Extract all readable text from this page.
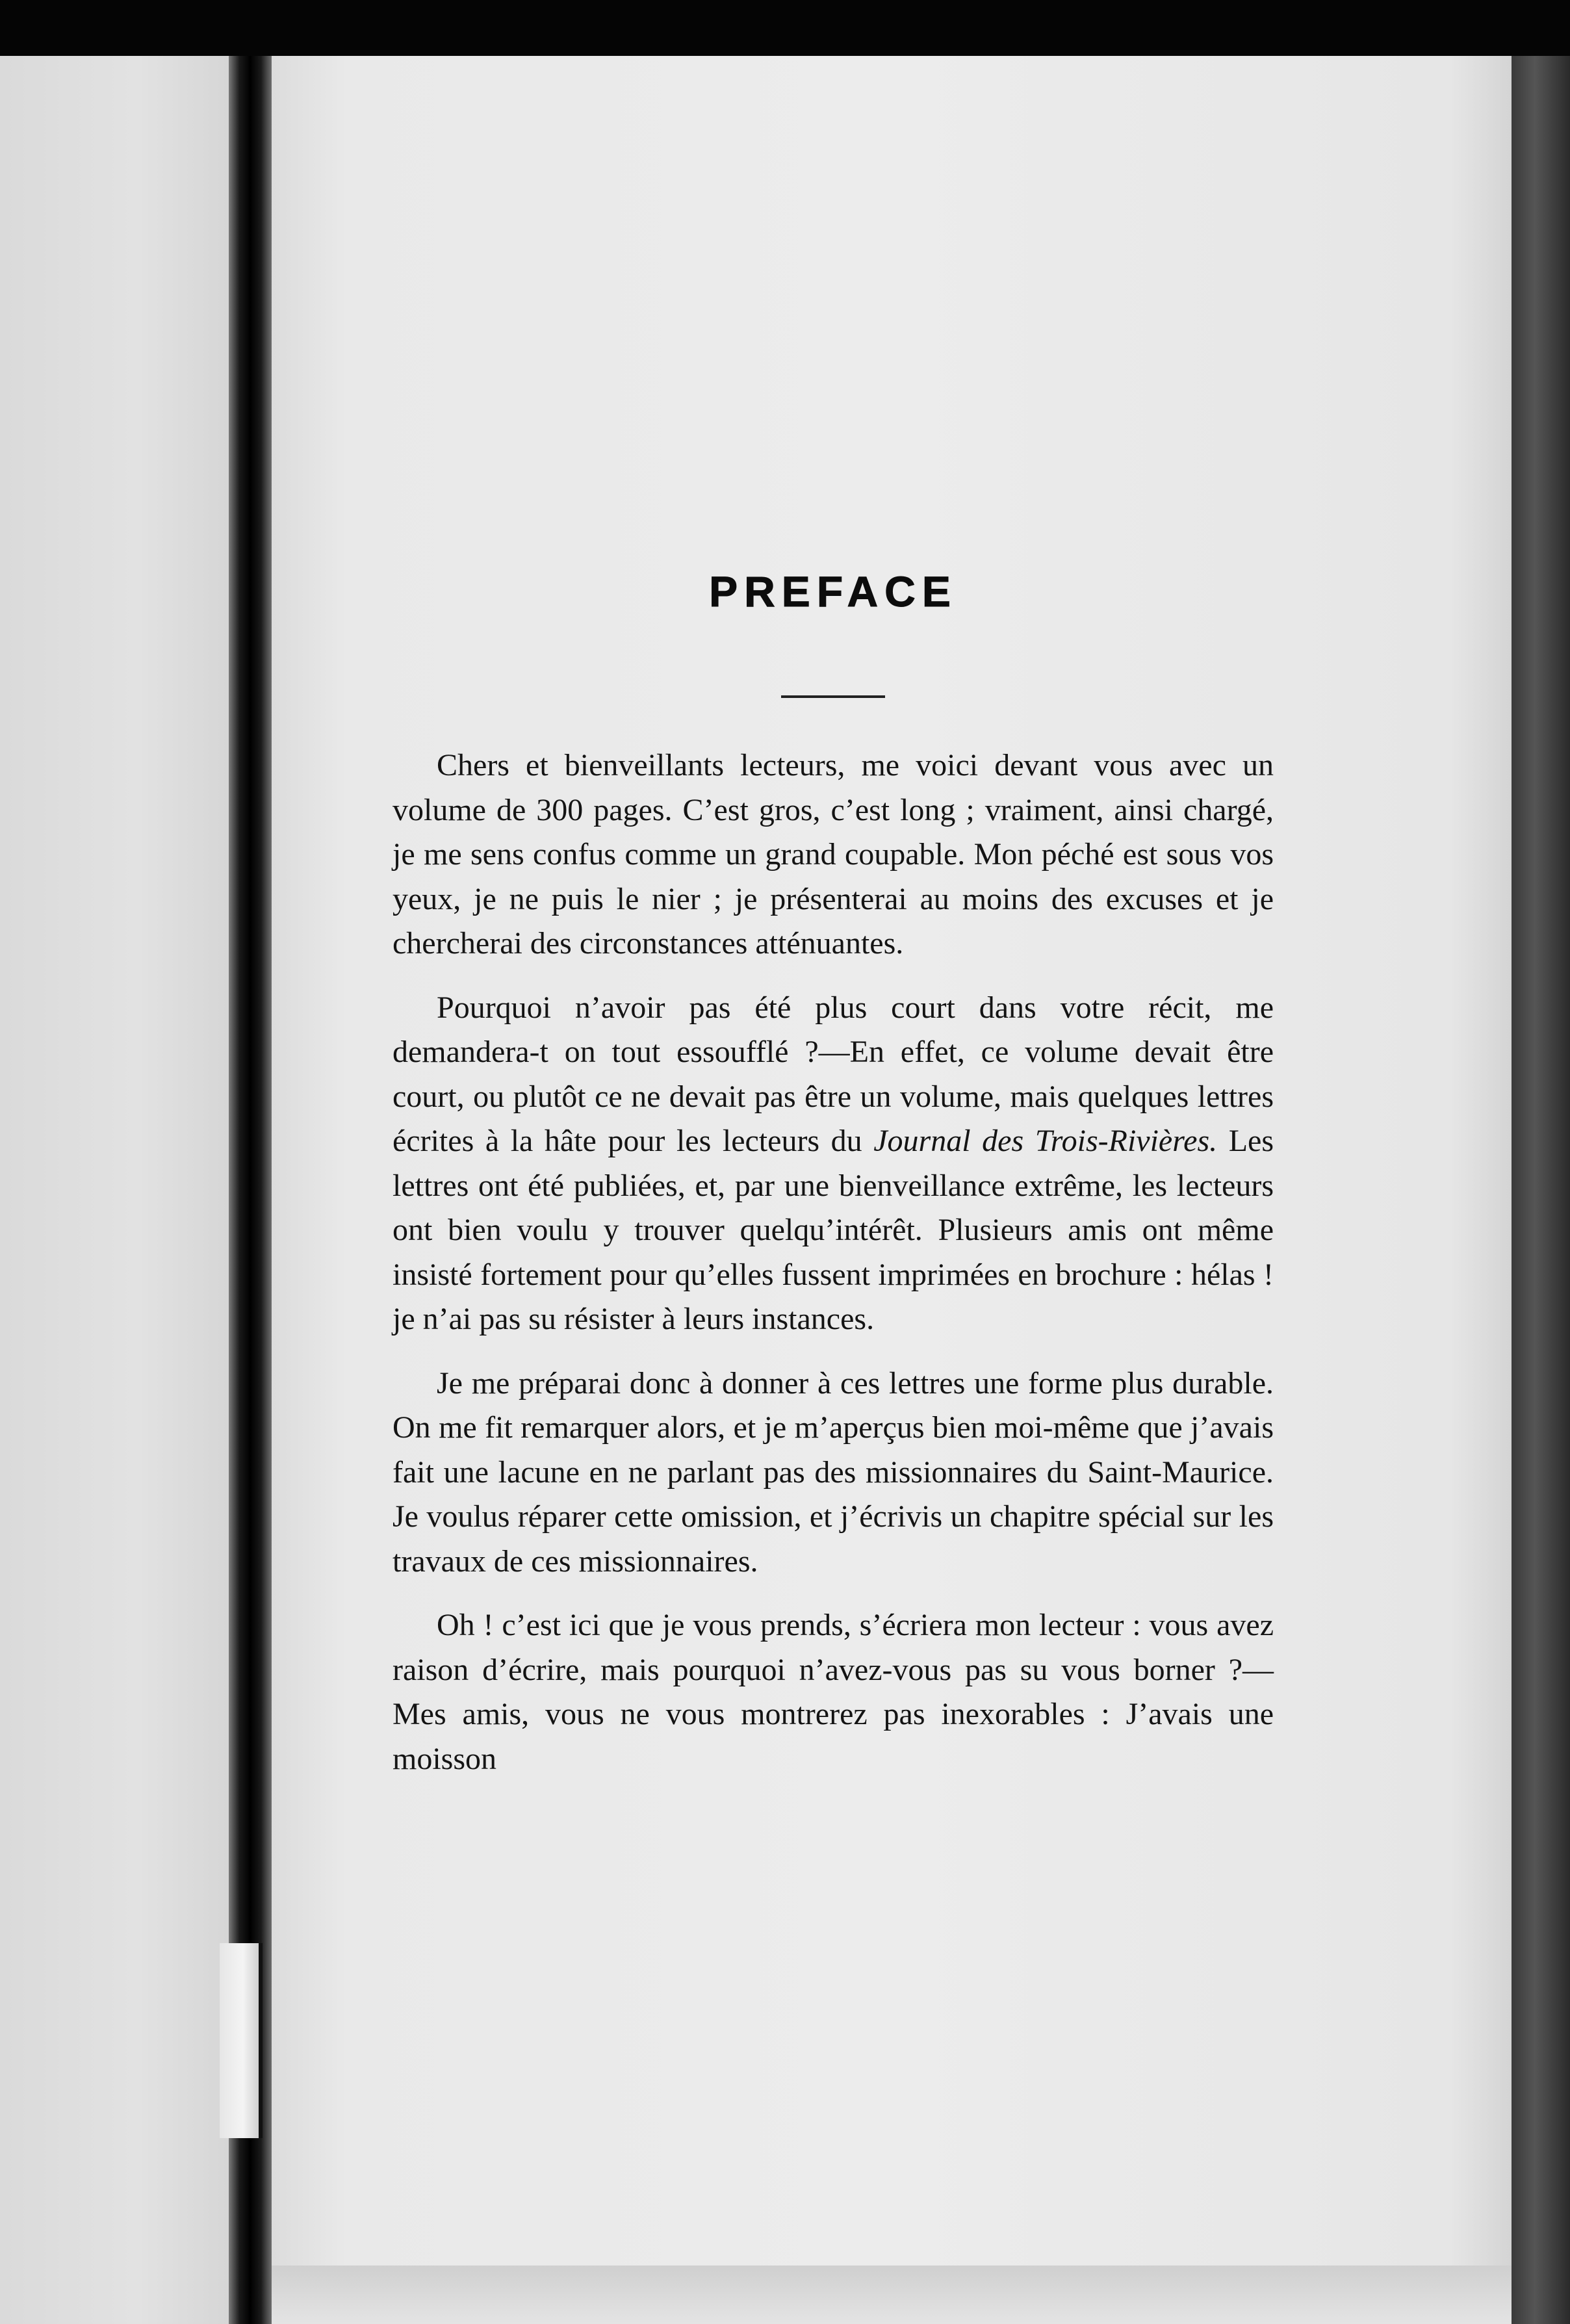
PREFACE

Chers et bienveillants lecteurs, me voici devant vous avec un volume de 300 pages. C’est gros, c’est long ; vraiment, ainsi chargé, je me sens confus comme un grand coupable. Mon péché est sous vos yeux, je ne puis le nier ; je présenterai au moins des excuses et je chercherai des circonstances atténuantes.

Pourquoi n’avoir pas été plus court dans votre récit, me demandera-t on tout essoufflé ?—En effet, ce volume devait être court, ou plutôt ce ne devait pas être un volume, mais quelques lettres écrites à la hâte pour les lecteurs du Journal des Trois-Rivières. Les lettres ont été publiées, et, par une bienveillance extrême, les lecteurs ont bien voulu y trouver quelqu’intérêt. Plusieurs amis ont même insisté fortement pour qu’elles fussent imprimées en brochure : hélas ! je n’ai pas su résister à leurs instances.

Je me préparai donc à donner à ces lettres une forme plus durable. On me fit remarquer alors, et je m’aperçus bien moi-même que j’avais fait une lacune en ne parlant pas des missionnaires du Saint-Maurice. Je voulus réparer cette omission, et j’écrivis un chapitre spécial sur les travaux de ces missionnaires.

Oh ! c’est ici que je vous prends, s’écriera mon lecteur : vous avez raison d’écrire, mais pourquoi n’avez-vous pas su vous borner ?—Mes amis, vous ne vous montrerez pas inexorables : J’avais une moisson
